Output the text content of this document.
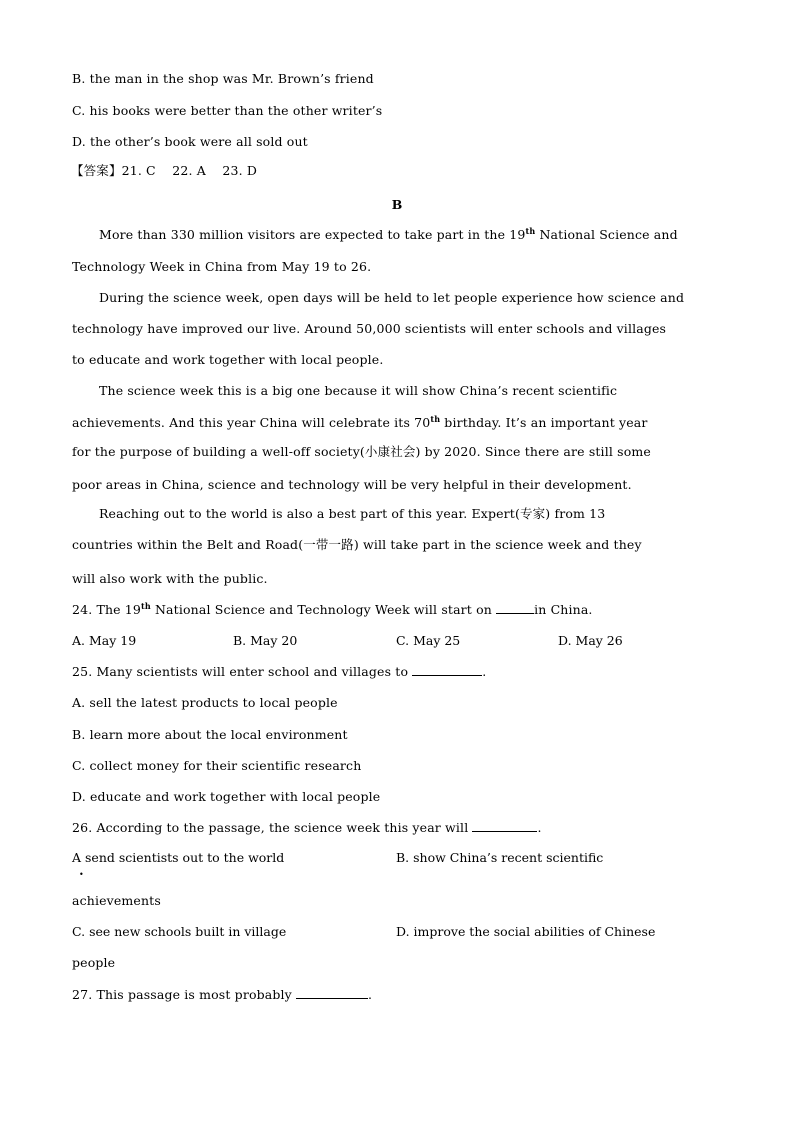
B. the man in the shop was Mr. Brown’s friend
C. his books were better than the other writer’s
D. the other’s book were all sold out
【答案】21. C    22. A    23. D
B
More than 330 million visitors are expected to take part in the 19th National Science and
Technology Week in China from May 19 to 26.
During the science week, open days will be held to let people experience how science and
technology have improved our live. Around 50,000 scientists will enter schools and villages
to educate and work together with local people.
The science week this is a big one because it will show China’s recent scientific
achievements. And this year China will celebrate its 70th birthday. It’s an important year
for the purpose of building a well-off society(小康社会) by 2020. Since there are still some
poor areas in China, science and technology will be very helpful in their development.
Reaching out to the world is also a best part of this year. Expert(专家) from 13
countries within the Belt and Road(一带一路) will take part in the science week and they
will also work with the public.
24. The 19th National Science and Technology Week will start on	in China.
A. May 19	B. May 20	C. May 25	D. May 26
25. Many scientists will enter school and villages to	.
A. sell the latest products to local people
B. learn more about the local environment
C. collect money for their scientific research
D. educate and work together with local people
26. According to the passage, the science week this year will	.
A send scientists out to the world	B. show China’s recent scientific
•
achievements
C. see new schools built in village	D. improve the social abilities of Chinese
people
27. This passage is most probably	.
